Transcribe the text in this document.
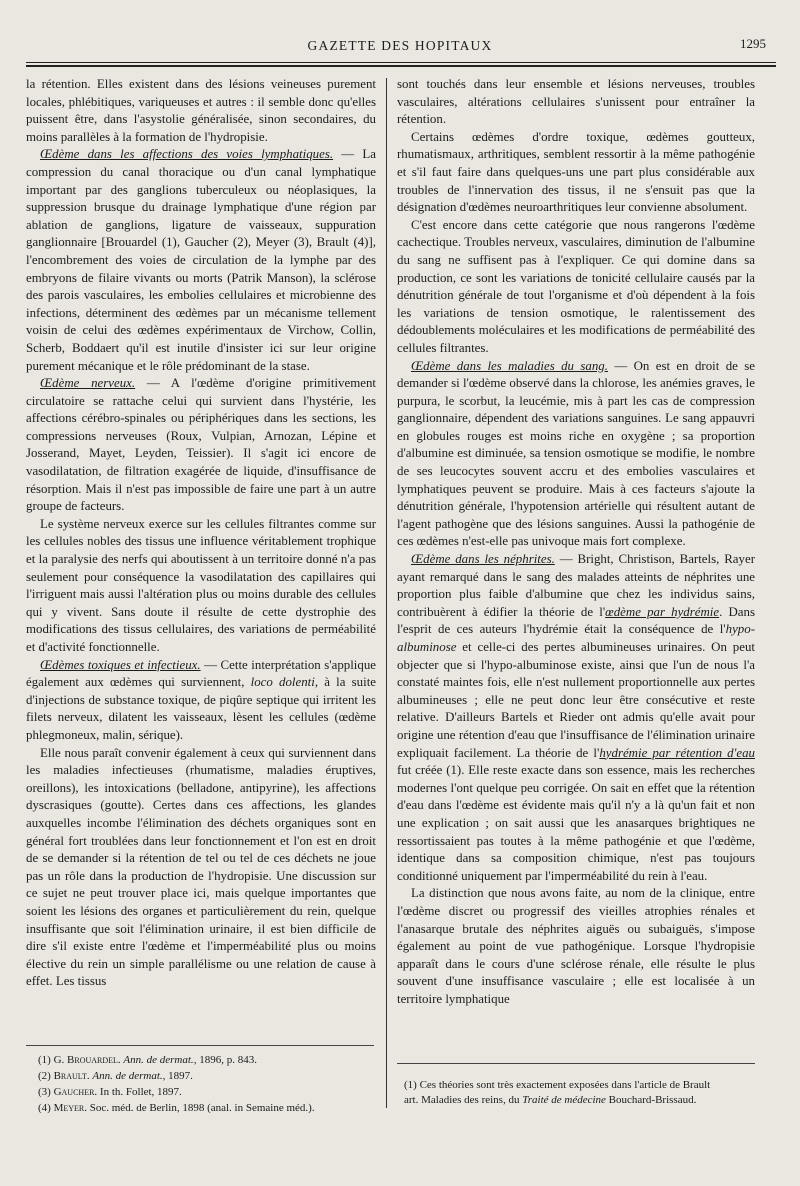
GAZETTE DES HOPITAUX	1295

la rétention. Elles existent dans des lésions veineuses purement locales, phlébitiques, variqueuses et autres : il semble donc qu'elles puissent être, dans l'asystolie généralisée, sinon secondaires, du moins parallèles à la formation de l'hydropisie.

Œdème dans les affections des voies lymphatiques. — La compression du canal thoracique ou d'un canal lymphatique important par des ganglions tuberculeux ou néoplasiques, la suppression brusque du drainage lymphatique d'une région par ablation de ganglions, ligature de vaisseaux, suppuration ganglionnaire [Brouardel (1), Gaucher (2), Meyer (3), Brault (4)], l'encombrement des voies de circulation de la lymphe par des embryons de filaire vivants ou morts (Patrik Manson), la sclérose des parois vasculaires, les embolies cellulaires et microbienne des infections, déterminent des œdèmes par un mécanisme tellement voisin de celui des œdèmes expérimentaux de Virchow, Collin, Scherb, Boddaert qu'il est inutile d'insister ici sur leur origine purement mécanique et le rôle prédominant de la stase.

Œdème nerveux. — A l'œdème d'origine primitivement circulatoire se rattache celui qui survient dans l'hystérie, les affections cérébro-spinales ou périphériques dans les sections, les compressions nerveuses (Roux, Vulpian, Arnozan, Lépine et Josserand, Mayet, Leyden, Teissier). Il s'agit ici encore de vasodilatation, de filtration exagérée de liquide, d'insuffisance de résorption. Mais il n'est pas impossible de faire une part à un autre groupe de facteurs.

Le système nerveux exerce sur les cellules filtrantes comme sur les cellules nobles des tissus une influence véritablement trophique et la paralysie des nerfs qui aboutissent à un territoire donné n'a pas seulement pour conséquence la vasodilatation des capillaires qui l'irriguent mais aussi l'altération plus ou moins durable des cellules qui y vivent. Sans doute il résulte de cette dystrophie des modifications des tissus cellulaires, des variations de perméabilité et d'activité fonctionnelle.

Œdèmes toxiques et infectieux. — Cette interprétation s'applique également aux œdèmes qui surviennent, loco dolenti, à la suite d'injections de substance toxique, de piqûre septique qui irritent les filets nerveux, dilatent les vaisseaux, lèsent les cellules (œdème phlegmoneux, malin, sérique).

Elle nous paraît convenir également à ceux qui surviennent dans les maladies infectieuses (rhumatisme, maladies éruptives, oreillons), les intoxications (belladone, antipyrine), les affections dyscrasiques (goutte). Certes dans ces affections, les glandes auxquelles incombe l'élimination des déchets organiques sont en général fort troublées dans leur fonctionnement et l'on est en droit de se demander si la rétention de tel ou tel de ces déchets ne joue pas un rôle dans la production de l'hydropisie. Une discussion sur ce sujet ne peut trouver place ici, mais quelque importantes que soient les lésions des organes et particulièrement du rein, quelque insuffisante que soit l'élimination urinaire, il est bien difficile de dire s'il existe entre l'œdème et l'imperméabilité plus ou moins élective du rein un simple parallélisme ou une relation de cause à effet. Les tissus

sont touchés dans leur ensemble et lésions nerveuses, troubles vasculaires, altérations cellulaires s'unissent pour entraîner la rétention.

Certains œdèmes d'ordre toxique, œdèmes goutteux, rhumatismaux, arthritiques, semblent ressortir à la même pathogénie et s'il faut faire dans quelques-uns une part plus considérable aux troubles de l'innervation des tissus, il ne s'ensuit pas que la désignation d'œdèmes neuroarthritiques leur convienne absolument.

C'est encore dans cette catégorie que nous rangerons l'œdème cachectique. Troubles nerveux, vasculaires, diminution de l'albumine du sang ne suffisent pas à l'expliquer. Ce qui domine dans sa production, ce sont les variations de tonicité cellulaire causés par la dénutrition générale de tout l'organisme et d'où dépendent à la fois les variations de tension osmotique, le ralentissement des dédoublements moléculaires et les modifications de perméabilité des cellules filtrantes.

Œdème dans les maladies du sang. — On est en droit de se demander si l'œdème observé dans la chlorose, les anémies graves, le purpura, le scorbut, la leucémie, mis à part les cas de compression ganglionnaire, dépendent des variations sanguines. Le sang appauvri en globules rouges est moins riche en oxygène ; sa proportion d'albumine est diminuée, sa tension osmotique se modifie, le nombre de ses leucocytes souvent accru et des embolies vasculaires et lymphatiques peuvent se produire. Mais à ces facteurs s'ajoute la dénutrition générale, l'hypotension artérielle qui résultent autant de l'agent pathogène que des lésions sanguines. Aussi la pathogénie de ces œdèmes n'est-elle pas univoque mais fort complexe.

Œdème dans les néphrites. — Bright, Christison, Bartels, Rayer ayant remarqué dans le sang des malades atteints de néphrites une proportion plus faible d'albumine que chez les individus sains, contribuèrent à édifier la théorie de l'œdème par hydrémie. Dans l'esprit de ces auteurs l'hydrémie était la conséquence de l'hypo-albuminose et celle-ci des pertes albumineuses urinaires. On peut objecter que si l'hypo-albuminose existe, ainsi que l'un de nous l'a constaté maintes fois, elle n'est nullement proportionnelle aux pertes albumineuses ; elle ne peut donc leur être consécutive et reste relative. D'ailleurs Bartels et Rieder ont admis qu'elle avait pour origine une rétention d'eau que l'insuffisance de l'élimination urinaire expliquait facilement. La théorie de l'hydrémie par rétention d'eau fut créée (1). Elle reste exacte dans son essence, mais les recherches modernes l'ont quelque peu corrigée. On sait en effet que la rétention d'eau dans l'œdème est évidente mais qu'il n'y a là qu'un fait et non une explication ; on sait aussi que les anasarques brightiques ne ressortissaient pas toutes à la même pathogénie et que l'œdème, identique dans sa composition chimique, n'est pas toujours conditionné uniquement par l'imperméabilité du rein à l'eau.

La distinction que nous avons faite, au nom de la clinique, entre l'œdème discret ou progressif des vieilles atrophies rénales et l'anasarque brutale des néphrites aiguës ou subaiguës, s'impose également au point de vue pathogénique. Lorsque l'hydropisie apparaît dans le cours d'une sclérose rénale, elle résulte le plus souvent d'une insuffisance vasculaire ; elle est localisée à un territoire lymphatique

(1) G. Brouardel. Ann. de dermat., 1896, p. 843.
(2) Brault. Ann. de dermat., 1897.
(3) Gaucher. In th. Follet, 1897.
(4) Meyer. Soc. méd. de Berlin, 1898 (anal. in Semaine méd.).
(1) Ces théories sont très exactement exposées dans l'article de Brault
art. Maladies des reins, du Traité de médecine Bouchard-Brissaud.
